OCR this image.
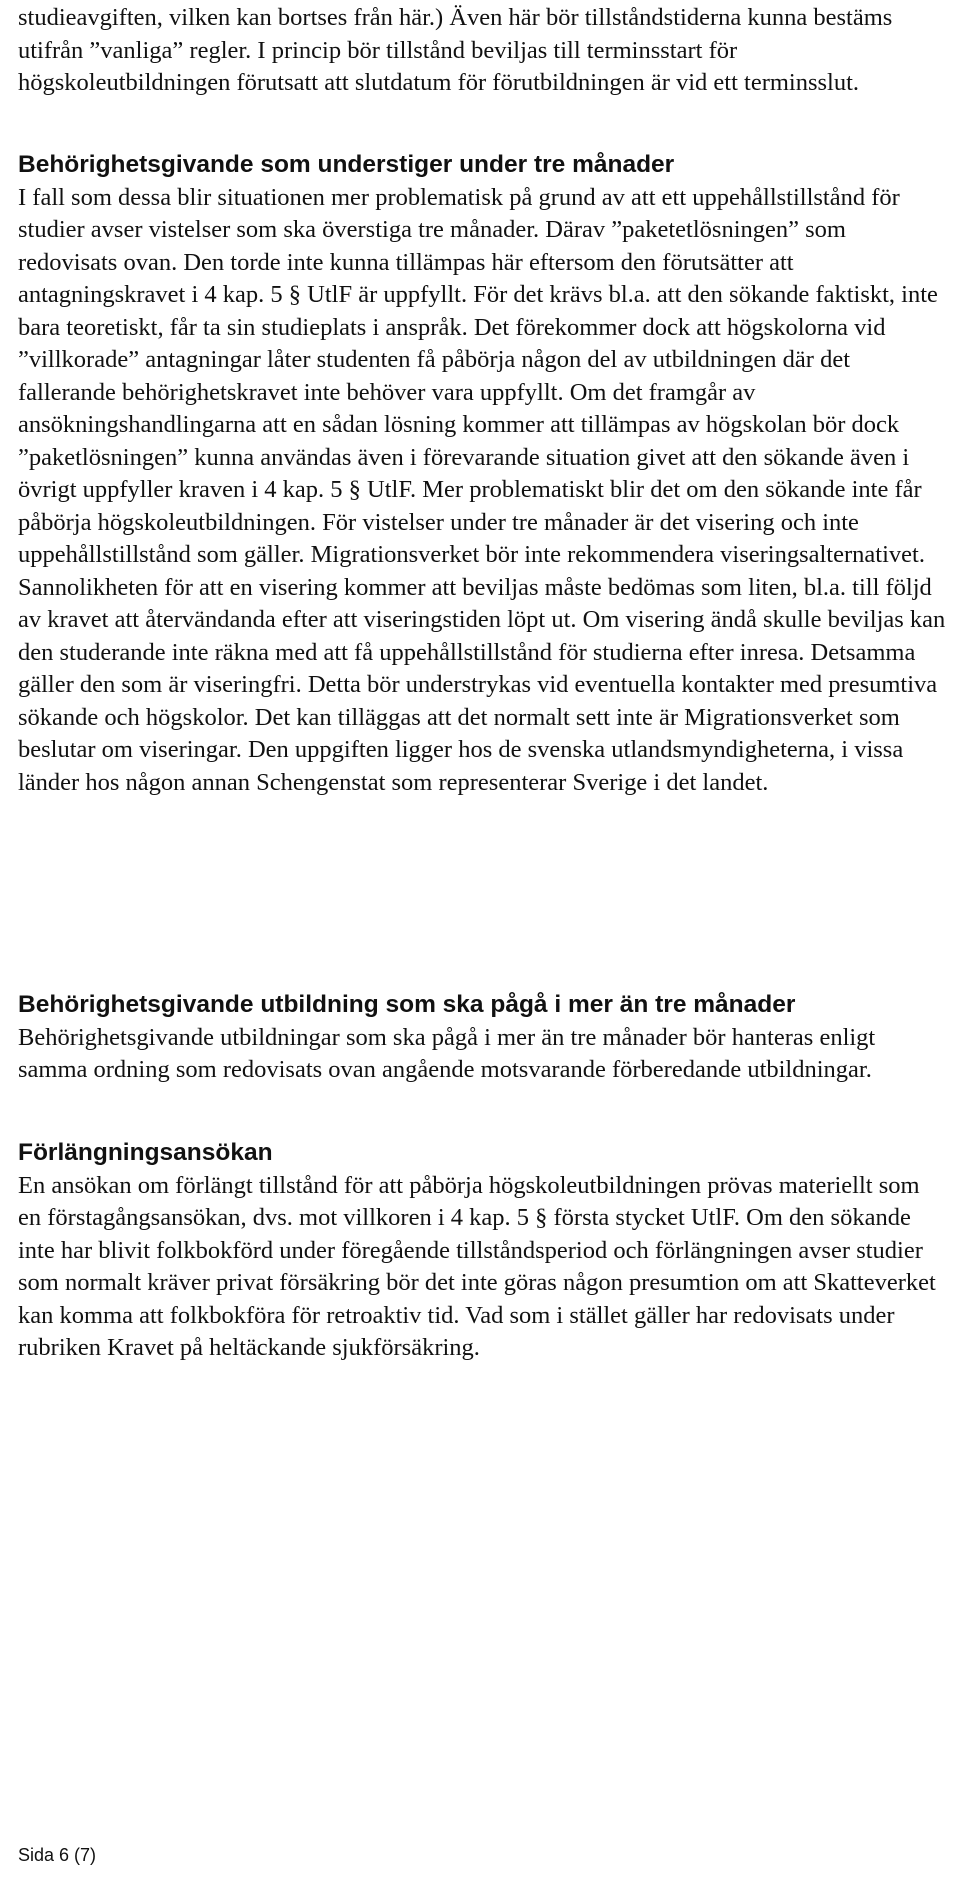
studieavgiften, vilken kan bortses från här.) Även här bör tillståndstiderna kunna bestäms utifrån ”vanliga” regler. I princip bör tillstånd beviljas till terminsstart för högskoleutbildningen förutsatt att slutdatum för förutbildningen är vid ett terminsslut.

Behörighetsgivande som understiger under tre månader
I fall som dessa blir situationen mer problematisk på grund av att ett uppehållstillstånd för studier avser vistelser som ska överstiga tre månader. Därav ”paketetlösningen” som redovisats ovan. Den torde inte kunna tillämpas här eftersom den förutsätter att antagningskravet i 4 kap. 5 § UtlF är uppfyllt. För det krävs bl.a. att den sökande faktiskt, inte bara teoretiskt, får ta sin studieplats i anspråk. Det förekommer dock att högskolorna vid ”villkorade” antagningar låter studenten få påbörja någon del av utbildningen där det fallerande behörighetskravet inte behöver vara uppfyllt. Om det framgår av ansökningshandlingarna att en sådan lösning kommer att tillämpas av högskolan bör dock ”paketlösningen” kunna användas även i förevarande situation givet att den sökande även i övrigt uppfyller kraven i 4 kap. 5 § UtlF. Mer problematiskt blir det om den sökande inte får påbörja högskoleutbildningen. För vistelser under tre månader är det visering och inte uppehållstillstånd som gäller. Migrationsverket bör inte rekommendera viseringsalternativet. Sannolikheten för att en visering kommer att beviljas måste bedömas som liten, bl.a. till följd av kravet att återvändanda efter att viseringstiden löpt ut. Om visering ändå skulle beviljas kan den studerande inte räkna med att få uppehållstillstånd för studierna efter inresa. Detsamma gäller den som är viseringfri. Detta bör understrykas vid eventuella kontakter med presumtiva sökande och högskolor. Det kan tilläggas att det normalt sett inte är Migrationsverket som beslutar om viseringar. Den uppgiften ligger hos de svenska utlandsmyndigheterna, i vissa länder hos någon annan Schengenstat som representerar Sverige i det landet.
Behörighetsgivande utbildning som ska pågå i mer än tre månader
Behörighetsgivande utbildningar som ska pågå i mer än tre månader bör hanteras enligt samma ordning som redovisats ovan angående motsvarande förberedande utbildningar.
Förlängningsansökan
En ansökan om förlängt tillstånd för att påbörja högskoleutbildningen prövas materiellt som en förstagångsansökan, dvs. mot villkoren i 4 kap. 5 § första stycket UtlF. Om den sökande inte har blivit folkbokförd under föregående tillståndsperiod och förlängningen avser studier som normalt kräver privat försäkring bör det inte göras någon presumtion om att Skatteverket kan komma att folkbokföra för retroaktiv tid. Vad som i stället gäller har redovisats under rubriken Kravet på heltäckande sjukförsäkring.
Sida 6 (7)
